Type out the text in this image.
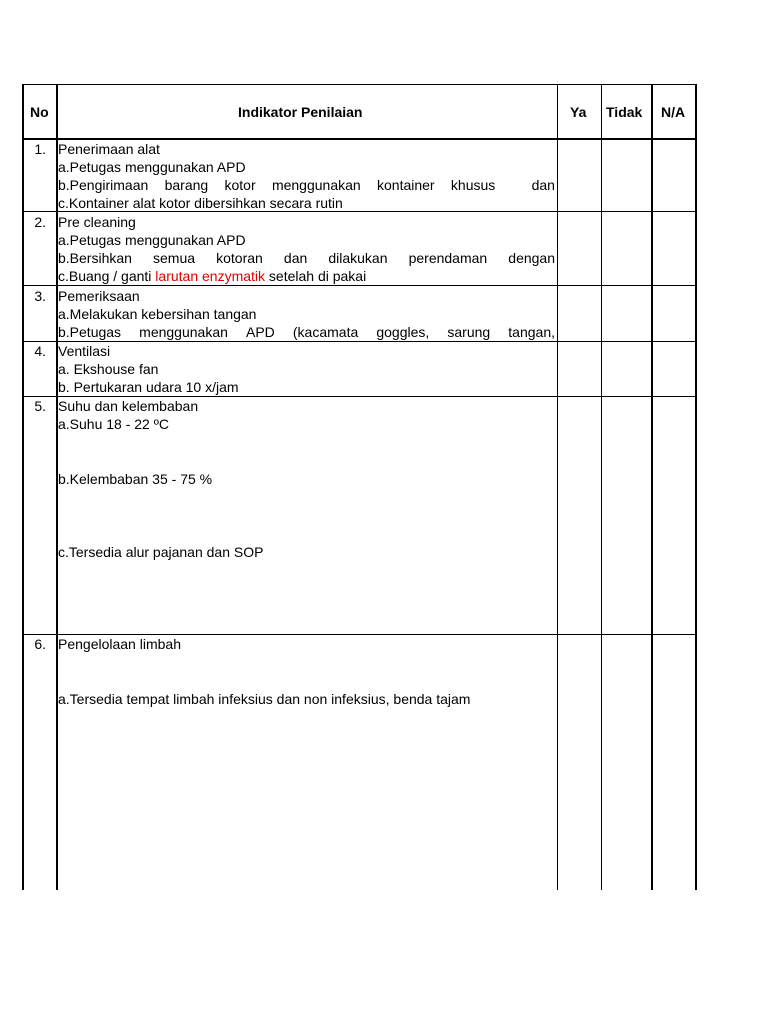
No	Indikator Penilaian	Ya Tidak N/A
1. Penerimaan alat
a.Petugas menggunakan APD
b.Pengirimaan barang kotor menggunakan kontainer khusus	dan
c.Kontainer alat kotor dibersihkan secara rutin
2. Pre cleaning
a.Petugas menggunakan APD
b.Bersihkan semua kotoran dan dilakukan perendaman dengan
c.Buang / ganti larutan enzymatik setelah di pakai
3. Pemeriksaan
a.Melakukan kebersihan tangan
b.Petugas menggunakan APD (kacamata goggles, sarung tangan,
4. Ventilasi
a. Ekshouse fan
b. Pertukaran udara 10 x/jam
5. Suhu dan kelembaban
a.Suhu 18 - 22 ºC
b.Kelembaban 35 - 75 %
c.Tersedia alur pajanan dan SOP
6. Pengelolaan limbah
a.Tersedia tempat limbah infeksius dan non infeksius, benda tajam
